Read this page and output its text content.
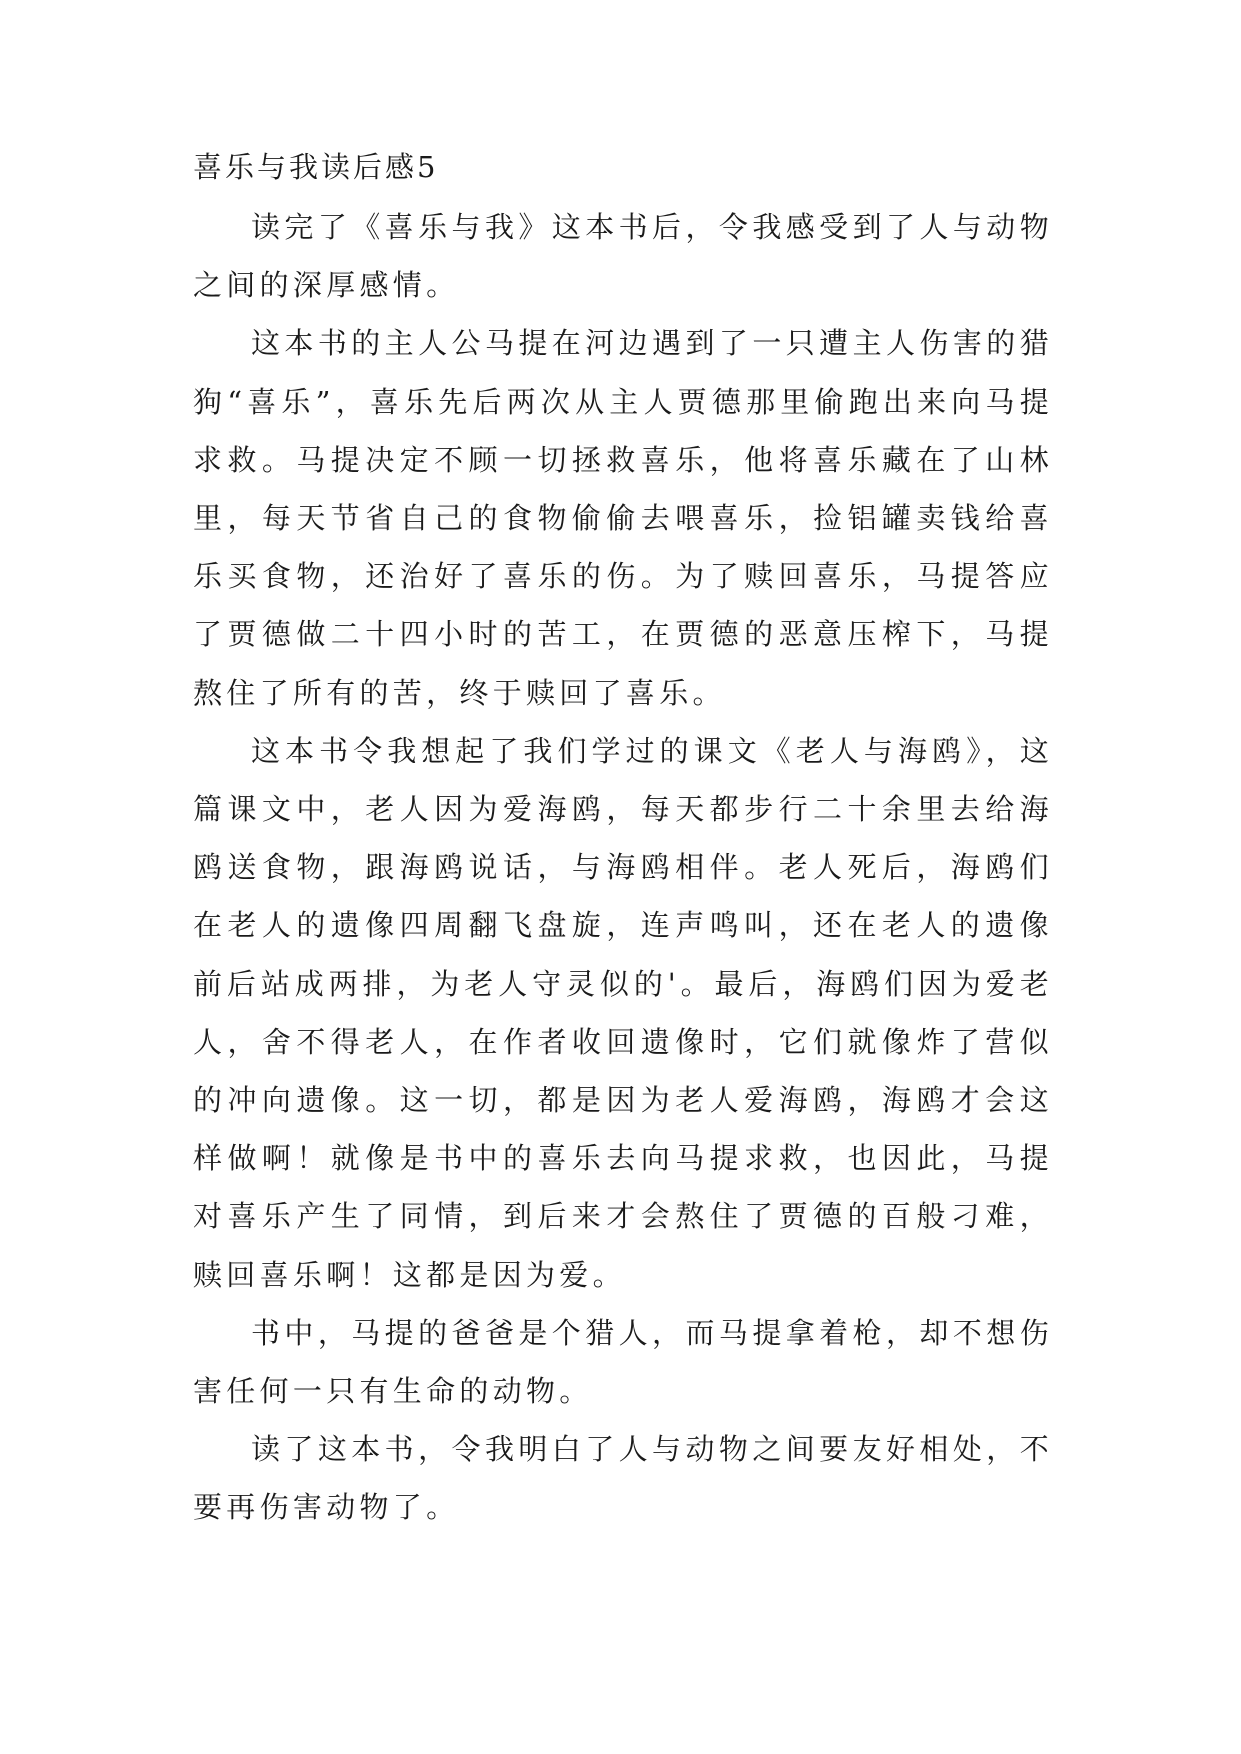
喜乐与我读后感5

读完了《喜乐与我》这本书后，令我感受到了人与动物之间的深厚感情。

这本书的主人公马提在河边遇到了一只遭主人伤害的猎狗“喜乐”，喜乐先后两次从主人贾德那里偷跑出来向马提求救。马提决定不顾一切拯救喜乐，他将喜乐藏在了山林里，每天节省自己的食物偷偷去喂喜乐，捡铝罐卖钱给喜乐买食物，还治好了喜乐的伤。为了赎回喜乐，马提答应了贾德做二十四小时的苦工，在贾德的恶意压榨下，马提熬住了所有的苦，终于赎回了喜乐。

这本书令我想起了我们学过的课文《老人与海鸥》，这篇课文中，老人因为爱海鸥，每天都步行二十余里去给海鸥送食物，跟海鸥说话，与海鸥相伴。老人死后，海鸥们在老人的遗像四周翻飞盘旋，连声鸣叫，还在老人的遗像前后站成两排，为老人守灵似的'。最后，海鸥们因为爱老人，舍不得老人，在作者收回遗像时，它们就像炸了营似的冲向遗像。这一切，都是因为老人爱海鸥，海鸥才会这样做啊！就像是书中的喜乐去向马提求救，也因此，马提对喜乐产生了同情，到后来才会熬住了贾德的百般刁难，赎回喜乐啊！这都是因为爱。

书中，马提的爸爸是个猎人，而马提拿着枪，却不想伤害任何一只有生命的动物。

读了这本书，令我明白了人与动物之间要友好相处，不要再伤害动物了。
